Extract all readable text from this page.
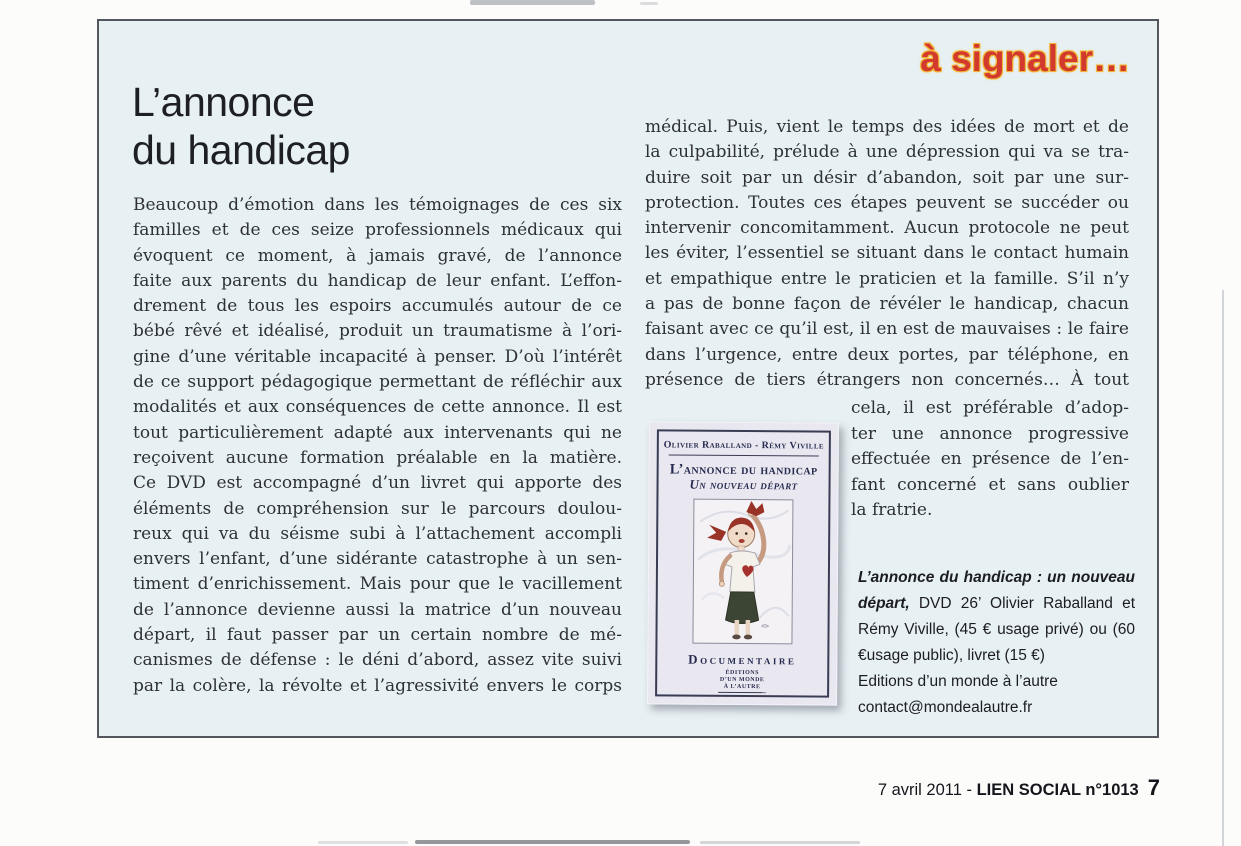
à signaler…
L’annonce
du handicap
Beaucoup d’émotion dans les témoignages de ces six
familles et de ces seize professionnels médicaux qui
évoquent ce moment, à jamais gravé, de l’annonce
faite aux parents du handicap de leur enfant. L’effon-
drement de tous les espoirs accumulés autour de ce
bébé rêvé et idéalisé, produit un traumatisme à l’ori-
gine d’une véritable incapacité à penser. D’où l’intérêt
de ce support pédagogique permettant de réfléchir aux
modalités et aux conséquences de cette annonce. Il est
tout particulièrement adapté aux intervenants qui ne
reçoivent aucune formation préalable en la matière.
Ce DVD est accompagné d’un livret qui apporte des
éléments de compréhension sur le parcours doulou-
reux qui va du séisme subi à l’attachement accompli
envers l’enfant, d’une sidérante catastrophe à un sen-
timent d’enrichissement. Mais pour que le vacillement
de l’annonce devienne aussi la matrice d’un nouveau
départ, il faut passer par un certain nombre de mé-
canismes de défense : le déni d’abord, assez vite suivi
par la colère, la révolte et l’agressivité envers le corps
médical. Puis, vient le temps des idées de mort et de
la culpabilité, prélude à une dépression qui va se tra-
duire soit par un désir d’abandon, soit par une sur-
protection. Toutes ces étapes peuvent se succéder ou
intervenir concomitamment. Aucun protocole ne peut
les éviter, l’essentiel se situant dans le contact humain
et empathique entre le praticien et la famille. S’il n’y
a pas de bonne façon de révéler le handicap, chacun
faisant avec ce qu’il est, il en est de mauvaises : le faire
dans l’urgence, entre deux portes, par téléphone, en
présence de tiers étrangers non concernés… À tout
cela, il est préférable d’adop-
ter une annonce progressive
effectuée en présence de l’en-
fant concerné et sans oublier
la fratrie.
Olivier Raballand - Rémy Viville
L’annonce du handicap
Un nouveau départ
Documentaire
ÉDITIONS
D’UN MONDE
À L’AUTRE
L’annonce du handicap : un nouveau départ, DVD 26’ Olivier Raballand et Rémy Viville, (45 € usage privé) ou (60 €usage public), livret (15 €)
Editions d’un monde à l’autre
contact@mondealautre.fr
7 avril 2011 - LIEN SOCIAL n°1013 7
